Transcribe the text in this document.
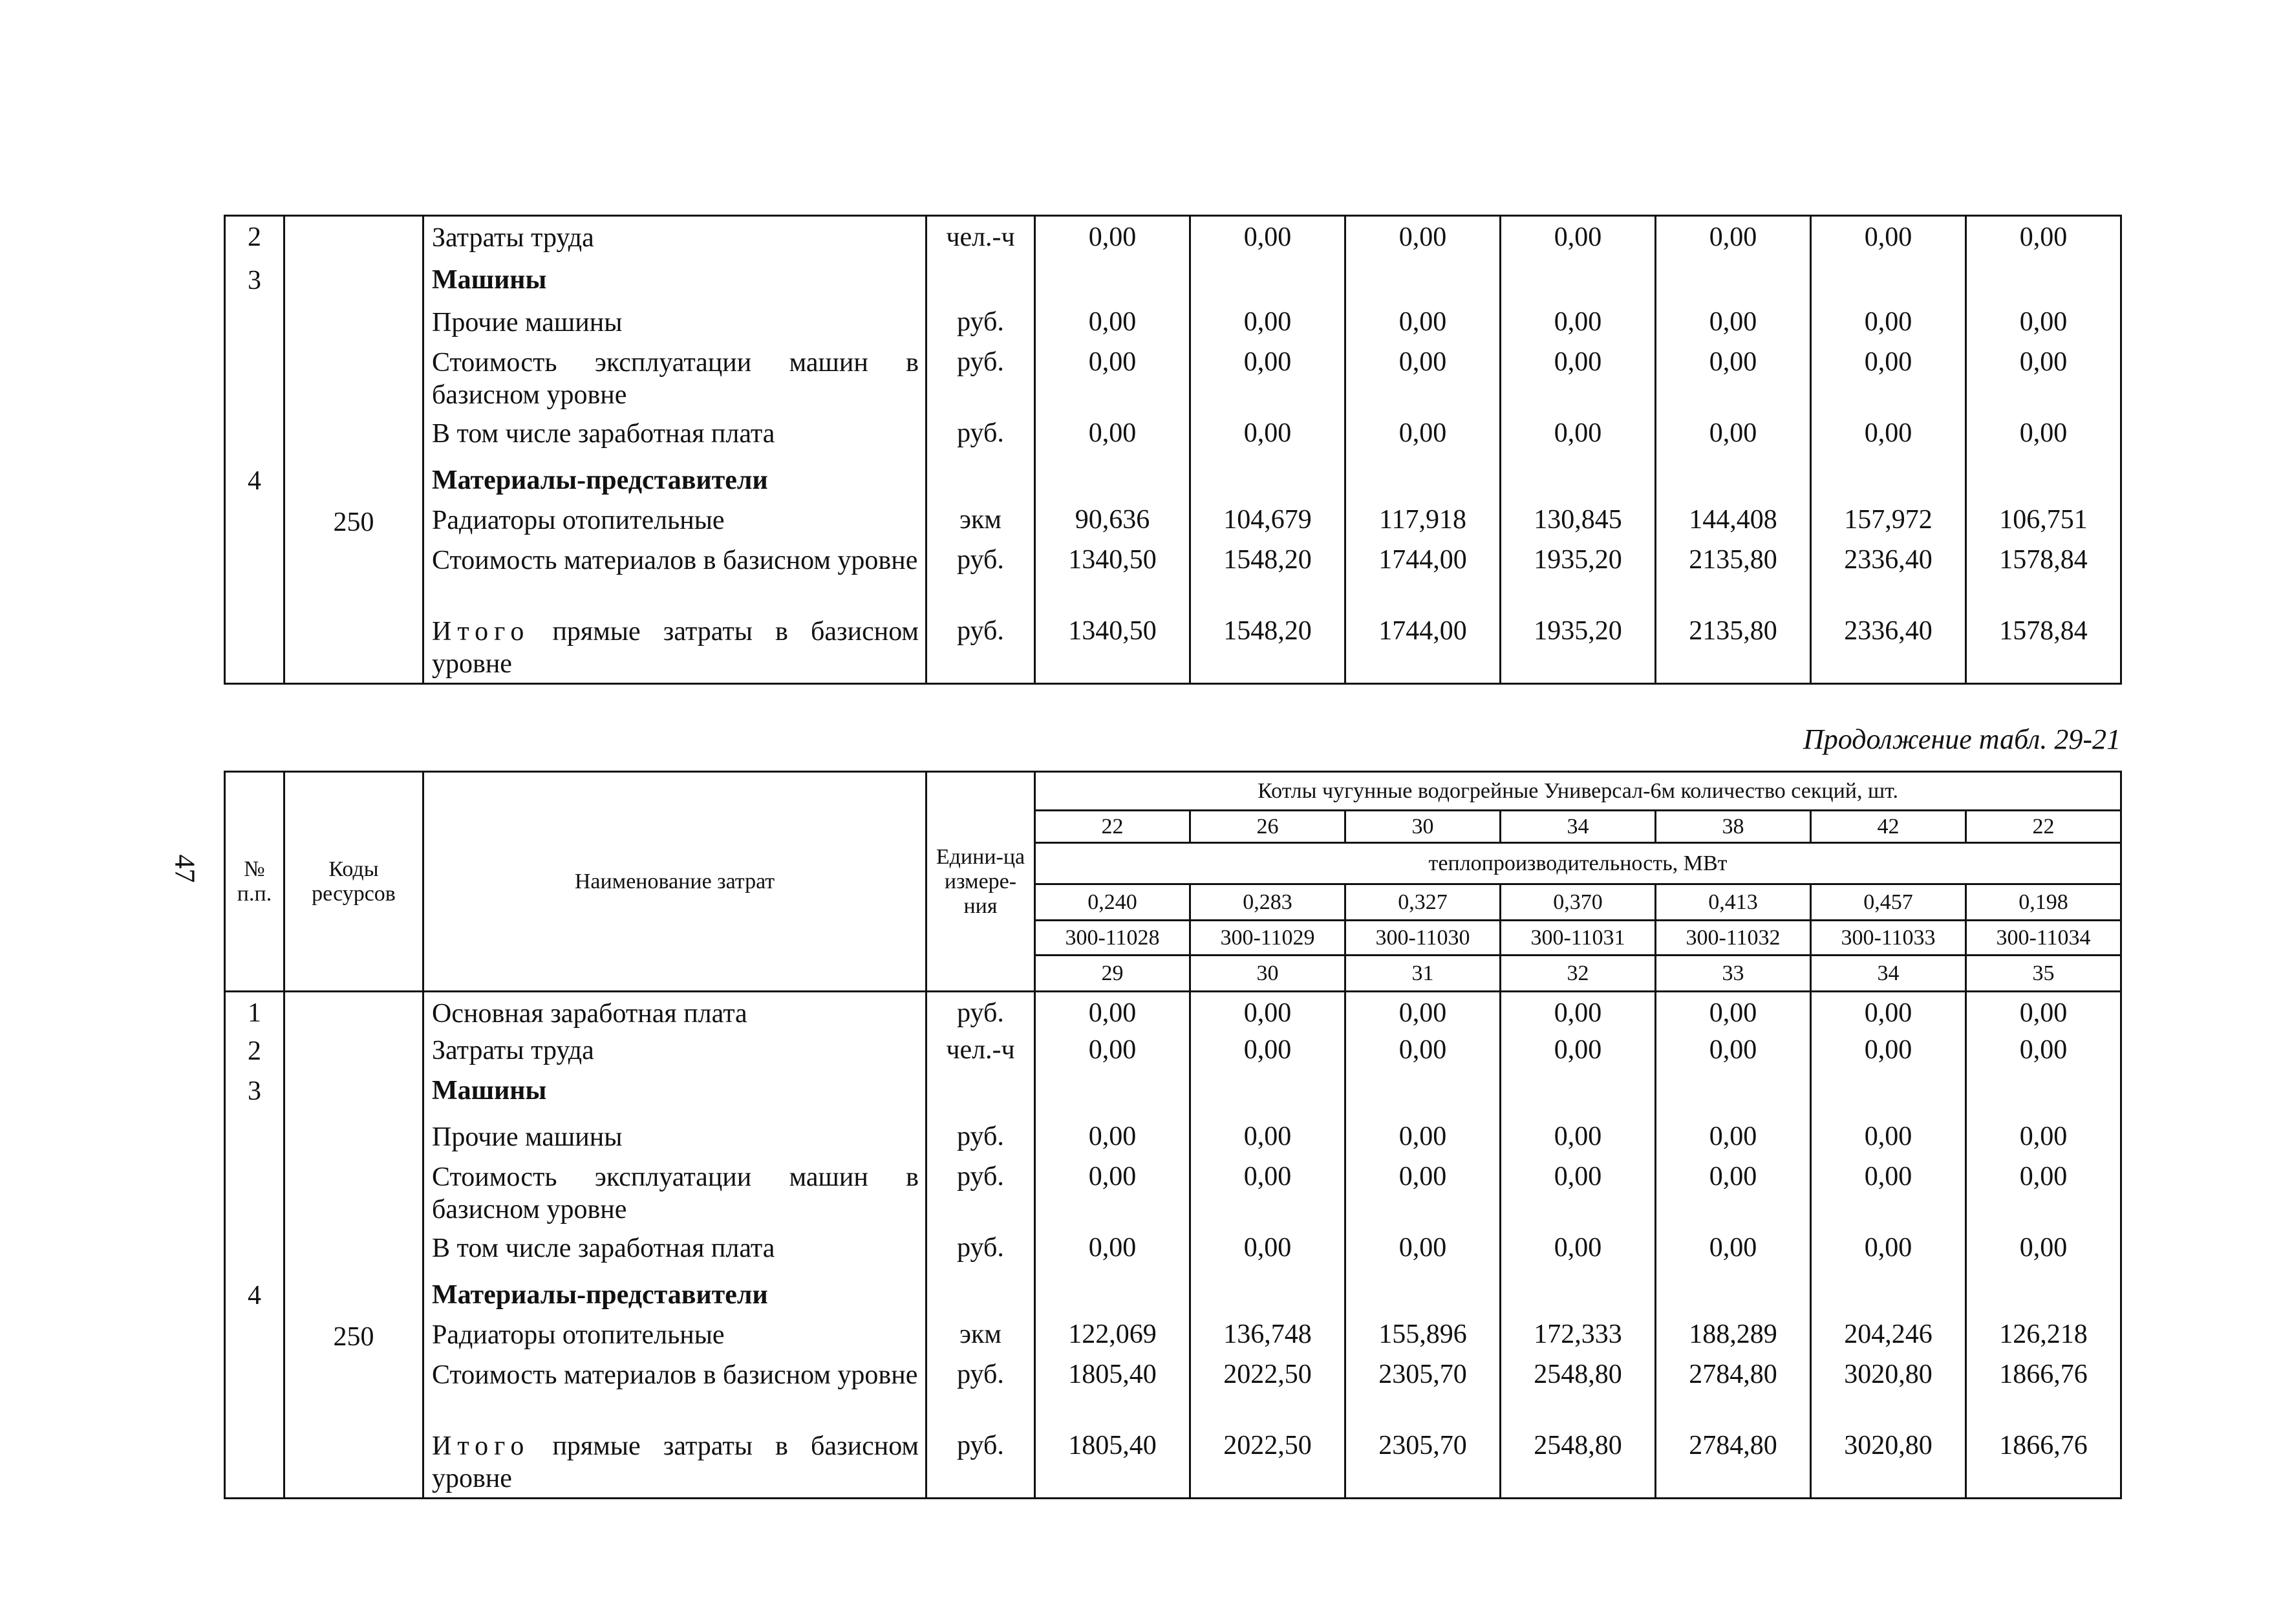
47
2		Затраты труда	чел.-ч	0,00	0,00	0,00	0,00	0,00	0,00	0,00
3		Машины								
		Прочие машины	руб.	0,00	0,00	0,00	0,00	0,00	0,00	0,00
		Стоимость эксплуатации машин в базисном уровне	руб.	0,00	0,00	0,00	0,00	0,00	0,00	0,00
		В том числе заработная плата	руб.	0,00	0,00	0,00	0,00	0,00	0,00	0,00
4		Материалы-представители								
	250	Радиаторы отопительные	экм	90,636	104,679	117,918	130,845	144,408	157,972	106,751
		Стоимость материалов в базисном уровне	руб.	1340,50	1548,20	1744,00	1935,20	2135,80	2336,40	1578,84
		Итого прямые затраты в базисном уровне	руб.	1340,50	1548,20	1744,00	1935,20	2135,80	2336,40	1578,84
Продолжение табл. 29-21
№ п.п.	Коды ресурсов	Наименование затрат	Едини-ца измере-ния	Котлы чугунные водогрейные Универсал-6м количество секций, шт.						
				22	26	30	34	38	42	22
				теплопроизводительность, МВт						
				0,240	0,283	0,327	0,370	0,413	0,457	0,198
				300-11028	300-11029	300-11030	300-11031	300-11032	300-11033	300-11034
				29	30	31	32	33	34	35
1		Основная заработная плата	руб.	0,00	0,00	0,00	0,00	0,00	0,00	0,00
2		Затраты труда	чел.-ч	0,00	0,00	0,00	0,00	0,00	0,00	0,00
3		Машины								
		Прочие машины	руб.	0,00	0,00	0,00	0,00	0,00	0,00	0,00
		Стоимость эксплуатации машин в базисном уровне	руб.	0,00	0,00	0,00	0,00	0,00	0,00	0,00
		В том числе заработная плата	руб.	0,00	0,00	0,00	0,00	0,00	0,00	0,00
4		Материалы-представители								
	250	Радиаторы отопительные	экм	122,069	136,748	155,896	172,333	188,289	204,246	126,218
		Стоимость материалов в базисном уровне	руб.	1805,40	2022,50	2305,70	2548,80	2784,80	3020,80	1866,76
		Итого прямые затраты в базисном уровне	руб.	1805,40	2022,50	2305,70	2548,80	2784,80	3020,80	1866,76
